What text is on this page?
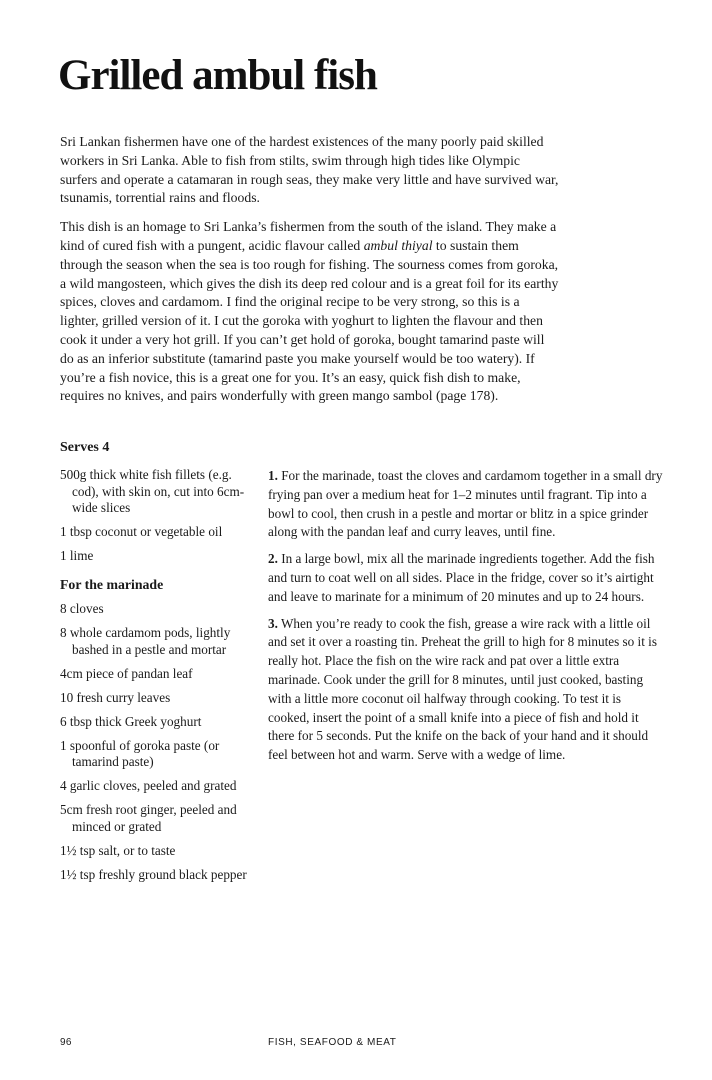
Grilled ambul fish

Sri Lankan fishermen have one of the hardest existences of the many poorly paid skilled workers in Sri Lanka. Able to fish from stilts, swim through high tides like Olympic surfers and operate a catamaran in rough seas, they make very little and have survived war, tsunamis, torrential rains and floods.

This dish is an homage to Sri Lanka’s fishermen from the south of the island. They make a kind of cured fish with a pungent, acidic flavour called ambul thiyal to sustain them through the season when the sea is too rough for fishing. The sourness comes from goroka, a wild mangosteen, which gives the dish its deep red colour and is a great foil for its earthy spices, cloves and cardamom. I find the original recipe to be very strong, so this is a lighter, grilled version of it. I cut the goroka with yoghurt to lighten the flavour and then cook it under a very hot grill. If you can’t get hold of goroka, bought tamarind paste will do as an inferior substitute (tamarind paste you make yourself would be too watery). If you’re a fish novice, this is a great one for you. It’s an easy, quick fish dish to make, requires no knives, and pairs wonderfully with green mango sambol (page 178).

Serves 4
500g thick white fish fillets (e.g. cod), with skin on, cut into 6cm-wide slices
1 tbsp coconut or vegetable oil
1 lime
For the marinade
8 cloves
8 whole cardamom pods, lightly bashed in a pestle and mortar
4cm piece of pandan leaf
10 fresh curry leaves
6 tbsp thick Greek yoghurt
1 spoonful of goroka paste (or tamarind paste)
4 garlic cloves, peeled and grated
5cm fresh root ginger, peeled and minced or grated
1½ tsp salt, or to taste
1½ tsp freshly ground black pepper

1. For the marinade, toast the cloves and cardamom together in a small dry frying pan over a medium heat for 1–2 minutes until fragrant. Tip into a bowl to cool, then crush in a pestle and mortar or blitz in a spice grinder along with the pandan leaf and curry leaves, until fine.

2. In a large bowl, mix all the marinade ingredients together. Add the fish and turn to coat well on all sides. Place in the fridge, cover so it’s airtight and leave to marinate for a minimum of 20 minutes and up to 24 hours.

3. When you’re ready to cook the fish, grease a wire rack with a little oil and set it over a roasting tin. Preheat the grill to high for 8 minutes so it is really hot. Place the fish on the wire rack and pat over a little extra marinade. Cook under the grill for 8 minutes, until just cooked, basting with a little more coconut oil halfway through cooking. To test it is cooked, insert the point of a small knife into a piece of fish and hold it there for 5 seconds. Put the knife on the back of your hand and it should feel between hot and warm. Serve with a wedge of lime.

96	FISH, SEAFOOD & MEAT
